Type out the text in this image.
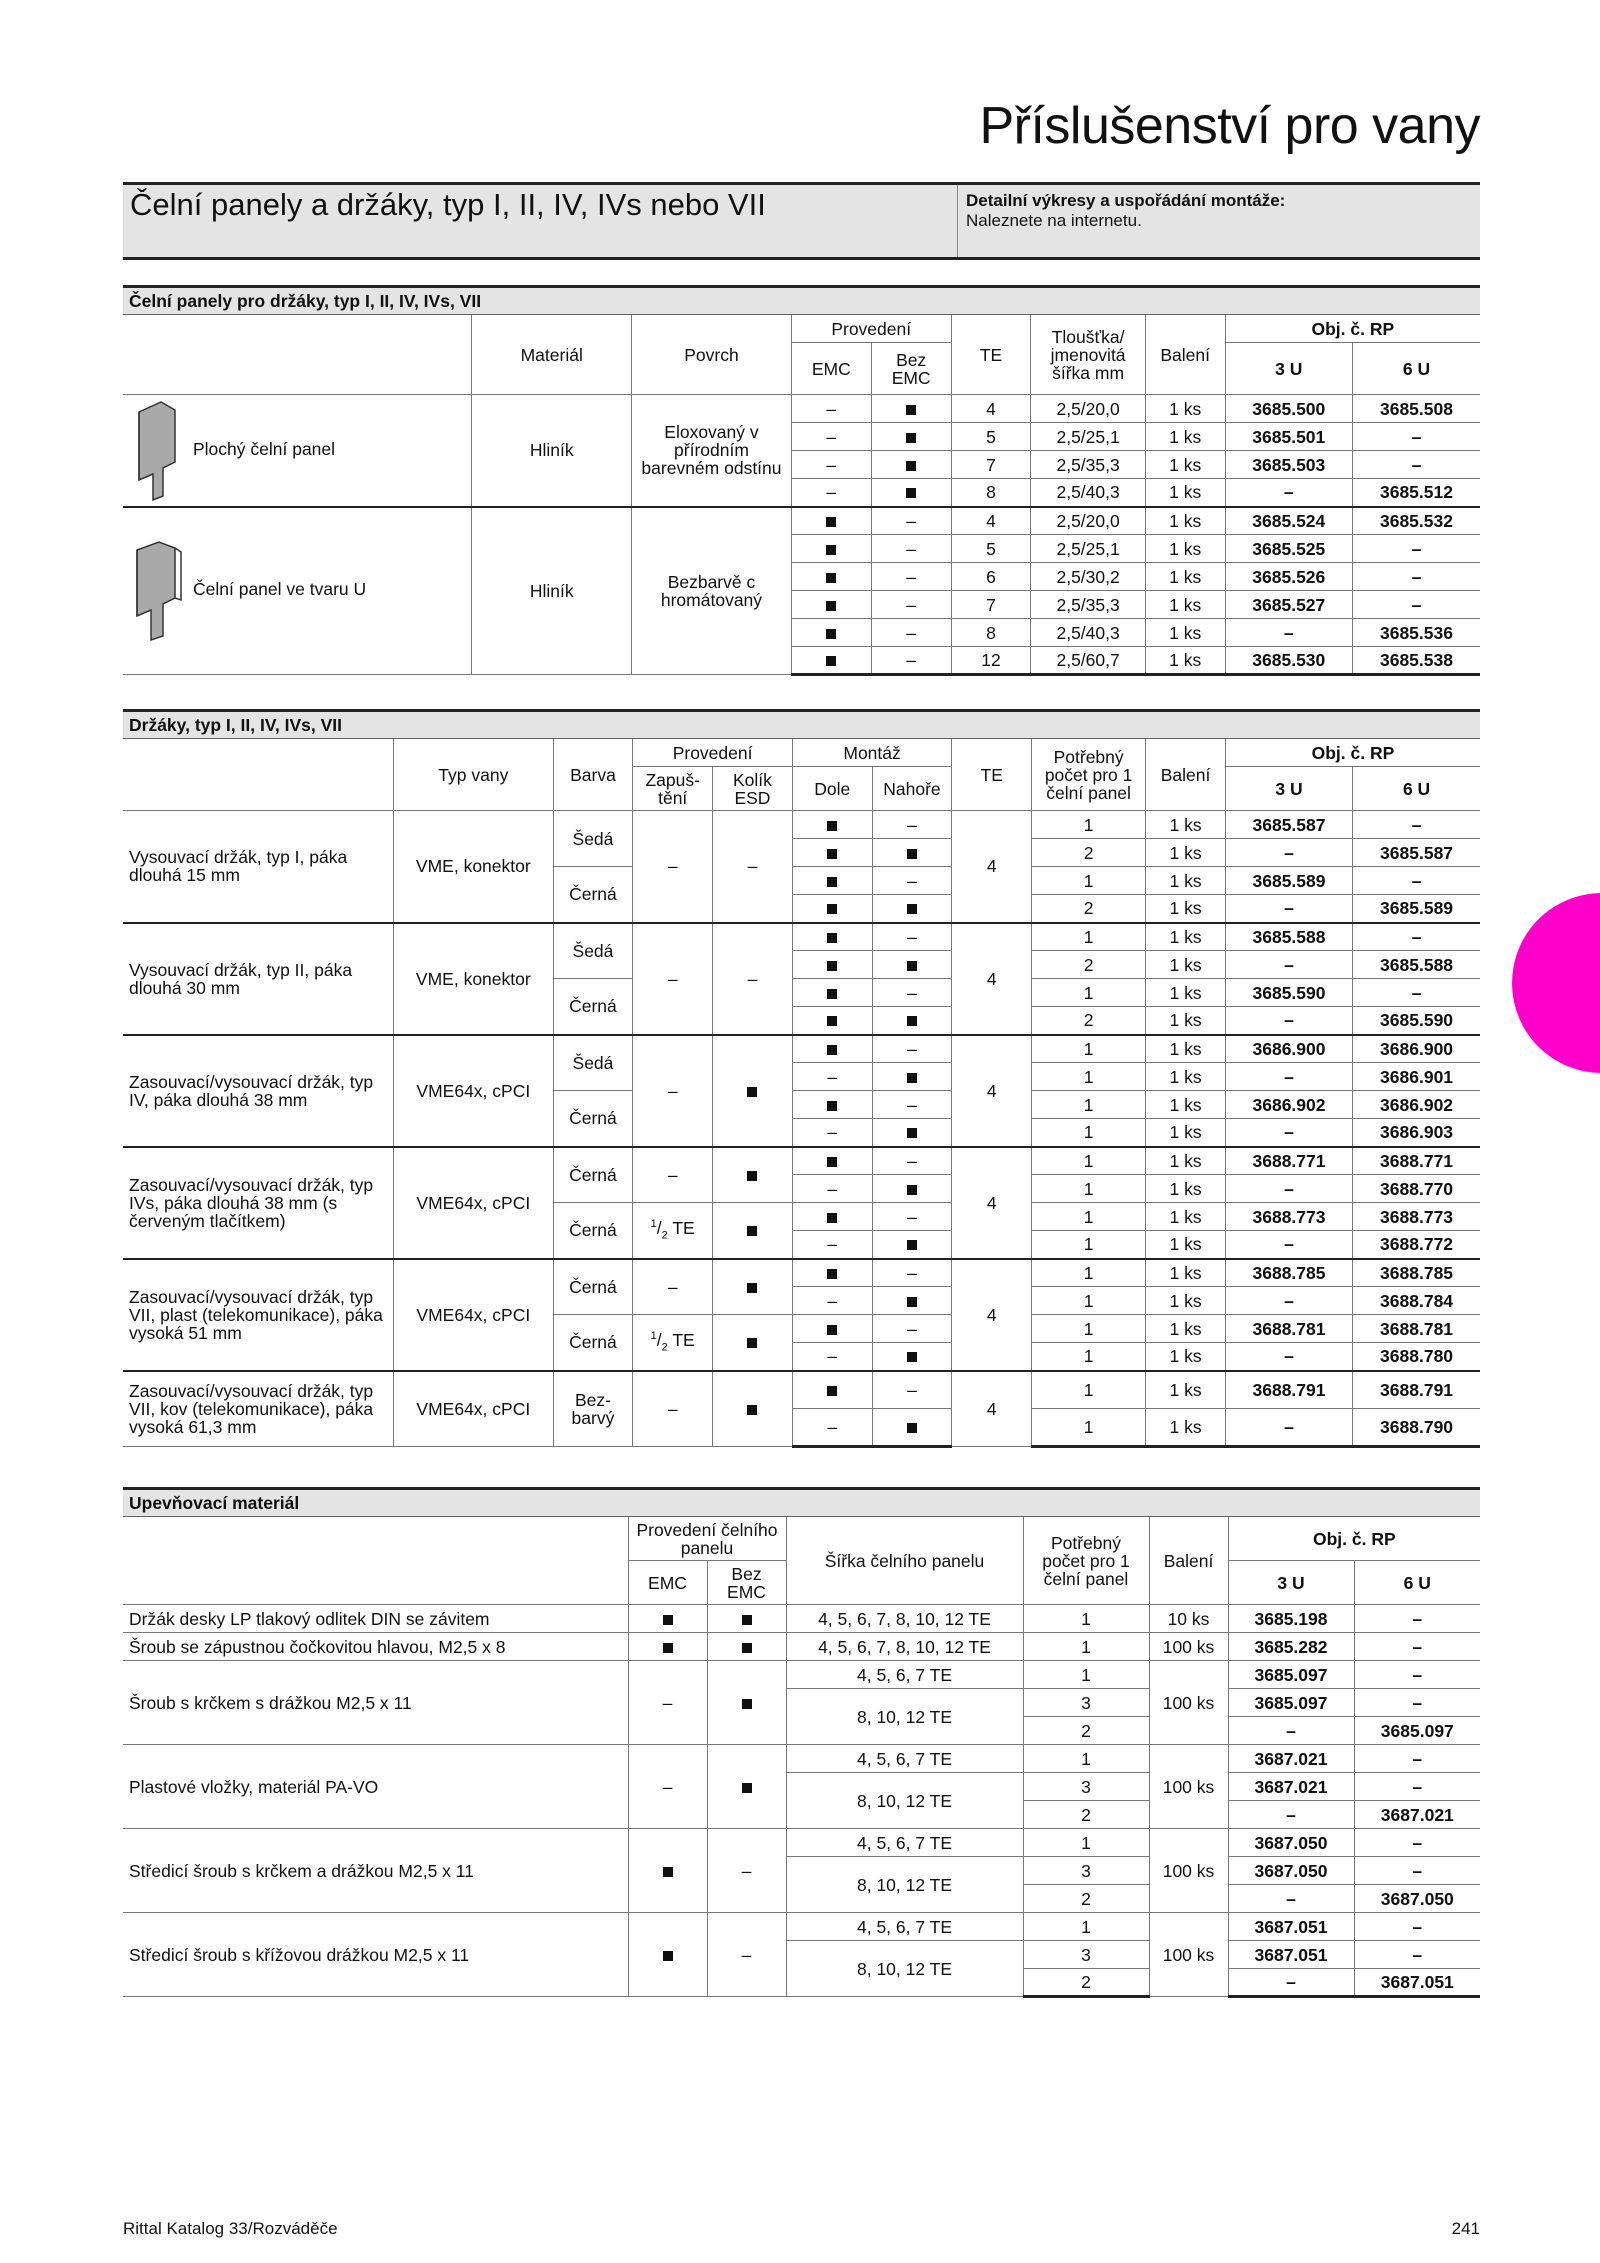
Příslušenství pro vany
Čelní panely a držáky, typ I, II, IV, IVs nebo VII	Detailní výkresy a uspořádání montáže:
Naleznete na internetu.
Čelní panely pro držáky, typ I, II, IV, IVs, VII									
	Materiál	Povrch	Provedení		TE	Tloušťka/ jmenovitá šířka mm	Balení	Obj. č. RP	
			EMC	Bez EMC				3 U	6 U
Plochý čelní panel	Hliník	Eloxovaný v přírodním barevném odstínu	–		4	2,5/20,0	1 ks	3685.500	3685.508
			–		5	2,5/25,1	1 ks	3685.501	–
			–		7	2,5/35,3	1 ks	3685.503	–
			–		8	2,5/40,3	1 ks	–	3685.512
Čelní panel ve tvaru U	Hliník	Bezbarvě c hromátovaný		–	4	2,5/20,0	1 ks	3685.524	3685.532
				–	5	2,5/25,1	1 ks	3685.525	–
				–	6	2,5/30,2	1 ks	3685.526	–
				–	7	2,5/35,3	1 ks	3685.527	–
				–	8	2,5/40,3	1 ks	–	3685.536
				–	12	2,5/60,7	1 ks	3685.530	3685.538
Držáky, typ I, II, IV, IVs, VII											
	Typ vany	Barva	Provedení		Montáž		TE	Potřebný počet pro 1 čelní panel	Balení	Obj. č. RP	
			Zapuš- tění	Kolík ESD	Dole	Nahoře				3 U	6 U
Vysouvací držák, typ I, páka dlouhá 15 mm	VME, konektor	Šedá	–	–		–	4	1	1 ks	3685.587	–
								2	1 ks	–	3685.587
		Černá				–		1	1 ks	3685.589	–
								2	1 ks	–	3685.589
Vysouvací držák, typ II, páka dlouhá 30 mm	VME, konektor	Šedá	–	–		–	4	1	1 ks	3685.588	–
								2	1 ks	–	3685.588
		Černá				–		1	1 ks	3685.590	–
								2	1 ks	–	3685.590
Zasouvací/vysouvací držák, typ IV, páka dlouhá 38 mm	VME64x, cPCI	Šedá	–			–	4	1	1 ks	3686.900	3686.900
					–			1	1 ks	–	3686.901
		Černá				–		1	1 ks	3686.902	3686.902
					–			1	1 ks	–	3686.903
Zasouvací/vysouvací držák, typ IVs, páka dlouhá 38 mm (s červeným tlačítkem)	VME64x, cPCI	Černá	–			–	4	1	1 ks	3688.771	3688.771
					–			1	1 ks	–	3688.770
		Černá	$^1/_2$ TE			–		1	1 ks	3688.773	3688.773
					–			1	1 ks	–	3688.772
Zasouvací/vysouvací držák, typ VII, plast (telekomunikace), páka vysoká 51 mm	VME64x, cPCI	Černá	–			–	4	1	1 ks	3688.785	3688.785
					–			1	1 ks	–	3688.784
		Černá	$^1/_2$ TE			–		1	1 ks	3688.781	3688.781
					–			1	1 ks	–	3688.780
Zasouvací/vysouvací držák, typ VII, kov (telekomunikace), páka vysoká 61,3 mm	VME64x, cPCI	Bez- barvý	–			–	4	1	1 ks	3688.791	3688.791
					–			1	1 ks	–	3688.790
Upevňovací materiál							
	Provedení čelního panelu		Šířka čelního panelu	Potřebný počet pro 1 čelní panel	Balení	Obj. č. RP	
	EMC	Bez EMC				3 U	6 U
Držák desky LP tlakový odlitek DIN se závitem			4, 5, 6, 7, 8, 10, 12 TE	1	10 ks	3685.198	–
Šroub se zápustnou čočkovitou hlavou, M2,5 x 8			4, 5, 6, 7, 8, 10, 12 TE	1	100 ks	3685.282	–
Šroub s krčkem s drážkou M2,5 x 11	–		4, 5, 6, 7 TE	1	100 ks	3685.097	–
			8, 10, 12 TE	3		3685.097	–
				2		–	3685.097
Plastové vložky, materiál PA-VO	–		4, 5, 6, 7 TE	1	100 ks	3687.021	–
			8, 10, 12 TE	3		3687.021	–
				2		–	3687.021
Středicí šroub s krčkem a drážkou M2,5 x 11		–	4, 5, 6, 7 TE	1	100 ks	3687.050	–
			8, 10, 12 TE	3		3687.050	–
				2		–	3687.050
Středicí šroub s křížovou drážkou M2,5 x 11		–	4, 5, 6, 7 TE	1	100 ks	3687.051	–
			8, 10, 12 TE	3		3687.051	–
				2		–	3687.051
Rittal Katalog 33/Rozváděče	241
